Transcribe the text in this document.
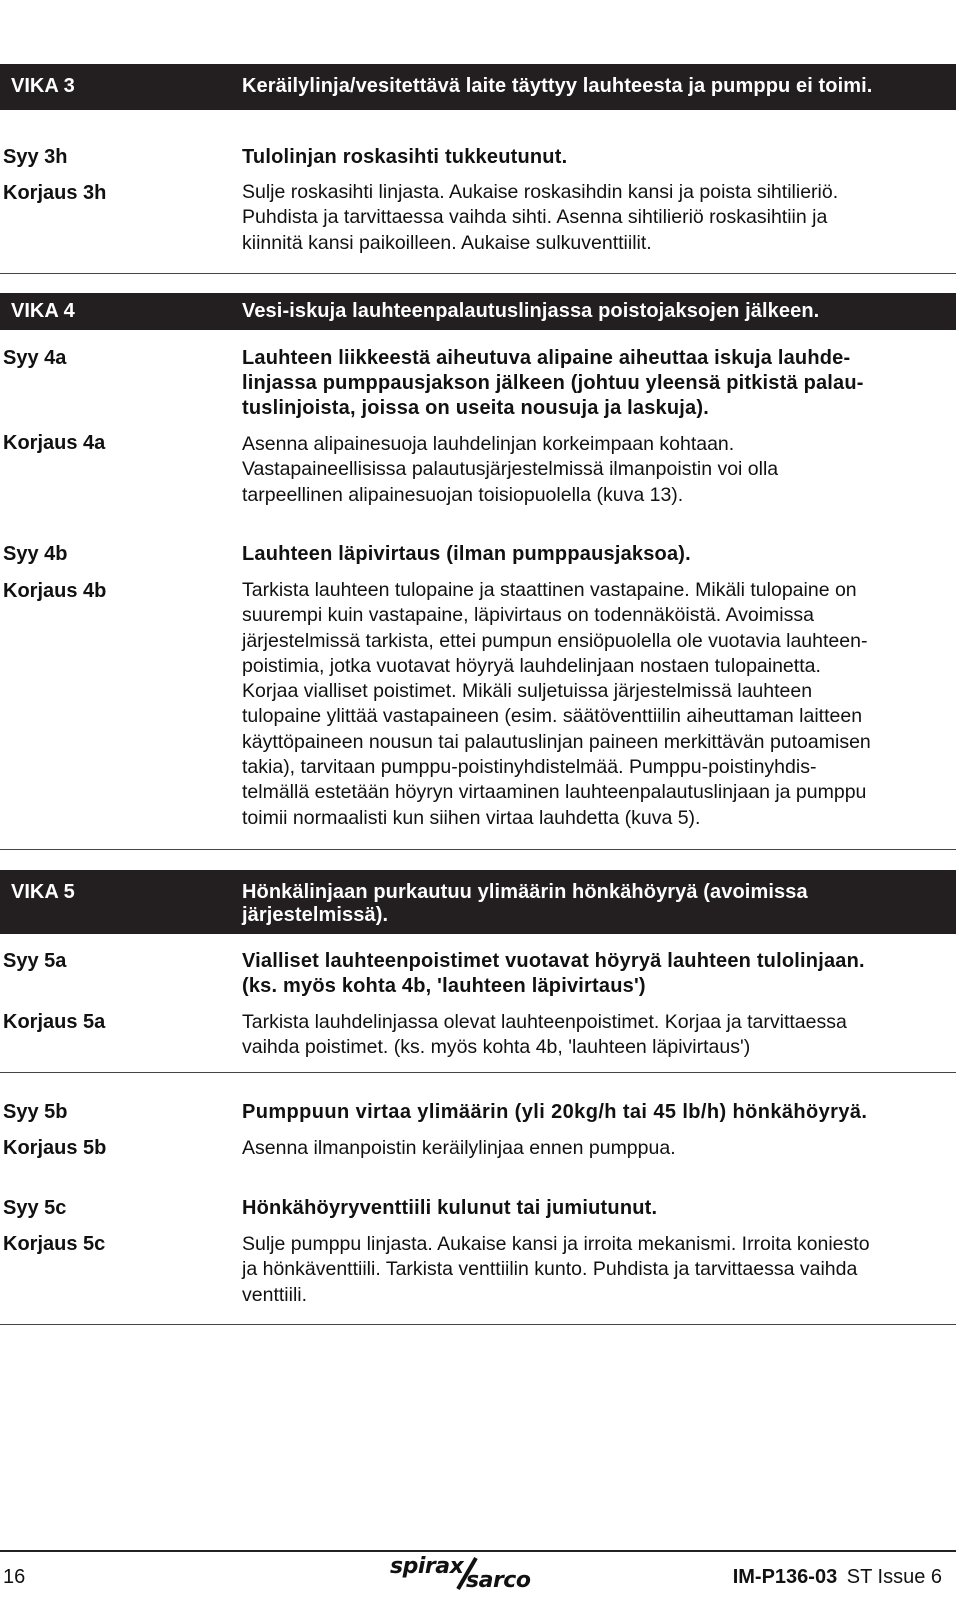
VIKA 3	Keräilylinja/vesitettävä laite täyttyy lauhteesta ja pumppu ei toimi.
Syy 3h	Tulolinjan roskasihti tukkeutunut.
Korjaus 3h	Sulje roskasihti linjasta. Aukaise roskasihdin kansi ja poista sihtilieriö.
Puhdista ja tarvittaessa vaihda sihti. Asenna sihtilieriö roskasihtiin ja
kiinnitä kansi paikoilleen. Aukaise sulkuventtiilit.
VIKA 4	Vesi-iskuja lauhteenpalautuslinjassa poistojaksojen jälkeen.
Syy 4a	Lauhteen liikkeestä aiheutuva alipaine aiheuttaa iskuja lauhde-
linjassa pumppausjakson jälkeen (johtuu yleensä pitkistä palau-
tuslinjoista, joissa on useita nousuja ja laskuja).
Korjaus 4a	Asenna alipainesuoja lauhdelinjan korkeimpaan kohtaan.
Vastapaineellisissa palautusjärjestelmissä ilmanpoistin voi olla
tarpeellinen alipainesuojan toisiopuolella (kuva 13).
Syy 4b	Lauhteen läpivirtaus (ilman pumppausjaksoa).
Korjaus 4b	Tarkista lauhteen tulopaine ja staattinen vastapaine. Mikäli tulopaine on
suurempi kuin vastapaine, läpivirtaus on todennäköistä. Avoimissa
järjestelmissä tarkista, ettei pumpun ensiöpuolella ole vuotavia lauhteen-
poistimia, jotka vuotavat höyryä lauhdelinjaan nostaen tulopainetta.
Korjaa vialliset poistimet. Mikäli suljetuissa järjestelmissä lauhteen
tulopaine ylittää vastapaineen (esim. säätöventtiilin aiheuttaman laitteen
käyttöpaineen nousun tai palautuslinjan paineen merkittävän putoamisen
takia), tarvitaan pumppu-poistinyhdistelmää. Pumppu-poistinyhdis-
telmällä estetään höyryn virtaaminen lauhteenpalautuslinjaan ja pumppu
toimii normaalisti kun siihen virtaa lauhdetta (kuva 5).
VIKA 5	Hönkälinjaan purkautuu ylimäärin hönkähöyryä (avoimissa
järjestelmissä).
Syy 5a	Vialliset lauhteenpoistimet vuotavat höyryä lauhteen tulolinjaan.
(ks. myös kohta 4b, 'lauhteen läpivirtaus')
Korjaus 5a	Tarkista lauhdelinjassa olevat lauhteenpoistimet. Korjaa ja tarvittaessa
vaihda poistimet. (ks. myös kohta 4b, 'lauhteen läpivirtaus')
Syy 5b	Pumppuun virtaa ylimäärin (yli 20kg/h tai 45 lb/h) hönkähöyryä.
Korjaus 5b	Asenna ilmanpoistin keräilylinjaa ennen pumppua.
Syy 5c	Hönkähöyryventtiili kulunut tai jumiutunut.
Korjaus 5c	Sulje pumppu linjasta. Aukaise kansi ja irroita mekanismi. Irroita koniesto
ja hönkäventtiili. Tarkista venttiilin kunto. Puhdista ja tarvittaessa vaihda
venttiili.
16	spirax
sarco	IM-P136-03 ST Issue 6
